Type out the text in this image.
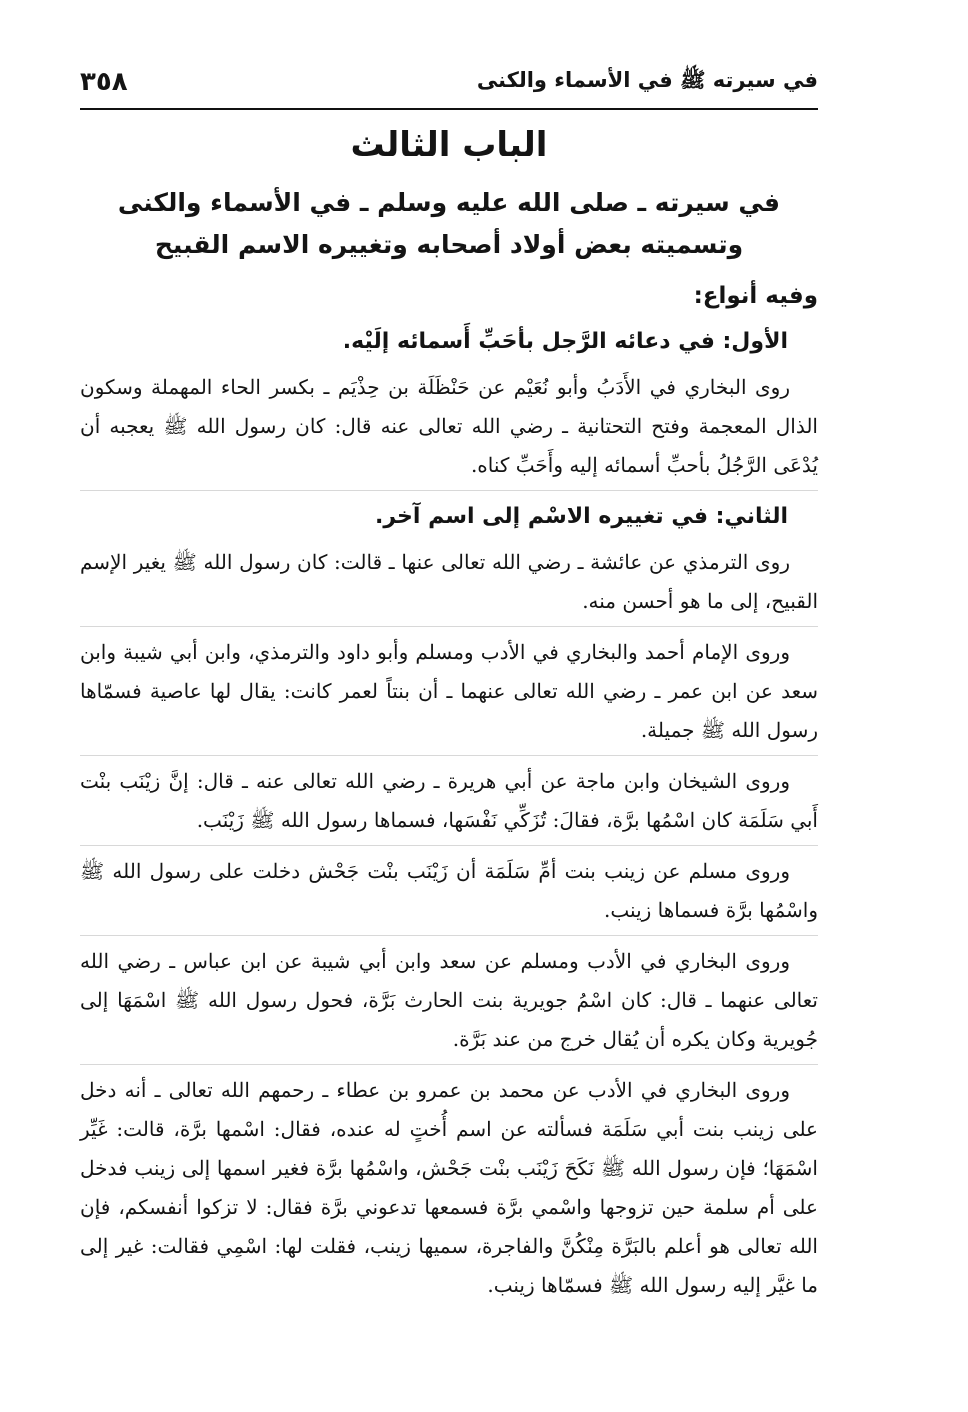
في سيرته ﷺ في الأسماء والكنى
٣٥٨
الباب الثالث
في سيرته ـ صلى الله عليه وسلم ـ في الأسماء والكنى
وتسميته بعض أولاد أصحابه وتغييره الاسم القبيح
وفيه أنواع:
الأول: في دعائه الرَّجل بأحَبِّ أَسمائه إلَيْه.

روى البخاري في الأَدَبُ وأبو نُعَيْم عن حَنْظَلَة بن حِذْيَم ـ بكسر الحاء المهملة وسكون الذال المعجمة وفتح التحتانية ـ رضي الله تعالى عنه قال: كان رسول الله ﷺ يعجبه أن يُدْعَى الرَّجُلُ بأحبِّ أسمائه إليه وأَحَبِّ كناه.

الثاني: في تغييره الاسْم إلى اسم آخر.

روى الترمذي عن عائشة ـ رضي الله تعالى عنها ـ قالت: كان رسول الله ﷺ يغير الإسم القبيح، إلى ما هو أحسن منه.

وروى الإمام أحمد والبخاري في الأدب ومسلم وأبو داود والترمذي، وابن أبي شيبة وابن سعد عن ابن عمر ـ رضي الله تعالى عنهما ـ أن بنتاً لعمر كانت: يقال لها عاصية فسمّاها رسول الله ﷺ جميلة.

وروى الشيخان وابن ماجة عن أبي هريرة ـ رضي الله تعالى عنه ـ قال: إنَّ زيْنَب بنْت أَبي سَلَمَة كان اسْمُها برَّة، فقالَ: تُزَكِّي نَفْسَها، فسماها رسول الله ﷺ زَيْنَب.

وروى مسلم عن زينب بنت أمِّ سَلَمَة أن زَيْنَب بنْت جَحْش دخلت على رسول الله ﷺ واسْمُها برَّة فسماها زينب.

وروى البخاري في الأدب ومسلم عن سعد وابن أبي شيبة عن ابن عباس ـ رضي الله تعالى عنهما ـ قال: كان اسْمُ جويرية بنت الحارث بَرَّة، فحول رسول الله ﷺ اسْمَهَا إلى جُويرية وكان يكره أن يُقال خرج من عند بَرَّة.

وروى البخاري في الأدب عن محمد بن عمرو بن عطاء ـ رحمهم الله تعالى ـ أنه دخل على زينب بنت أبي سَلَمَة فسألته عن اسم أُختٍ له عنده، فقال: اسْمها برَّة، قالت: غَيِّر اسْمَهَا؛ فإن رسول الله ﷺ نَكَحَ زَيْنَب بنْت جَحْش، واسْمُها برَّة فغير اسمها إلى زينب فدخل على أم سلمة حين تزوجها واسْمي برَّة فسمعها تدعوني برَّة فقال: لا تزكوا أنفسكم، فإن الله تعالى هو أعلم بالبَرَّة مِنْكُنَّ والفاجرة، سميها زينب، فقلت لها: اسْمِي فقالت: غير إلى ما غيَّر إليه رسول الله ﷺ فسمّاها زينب.
